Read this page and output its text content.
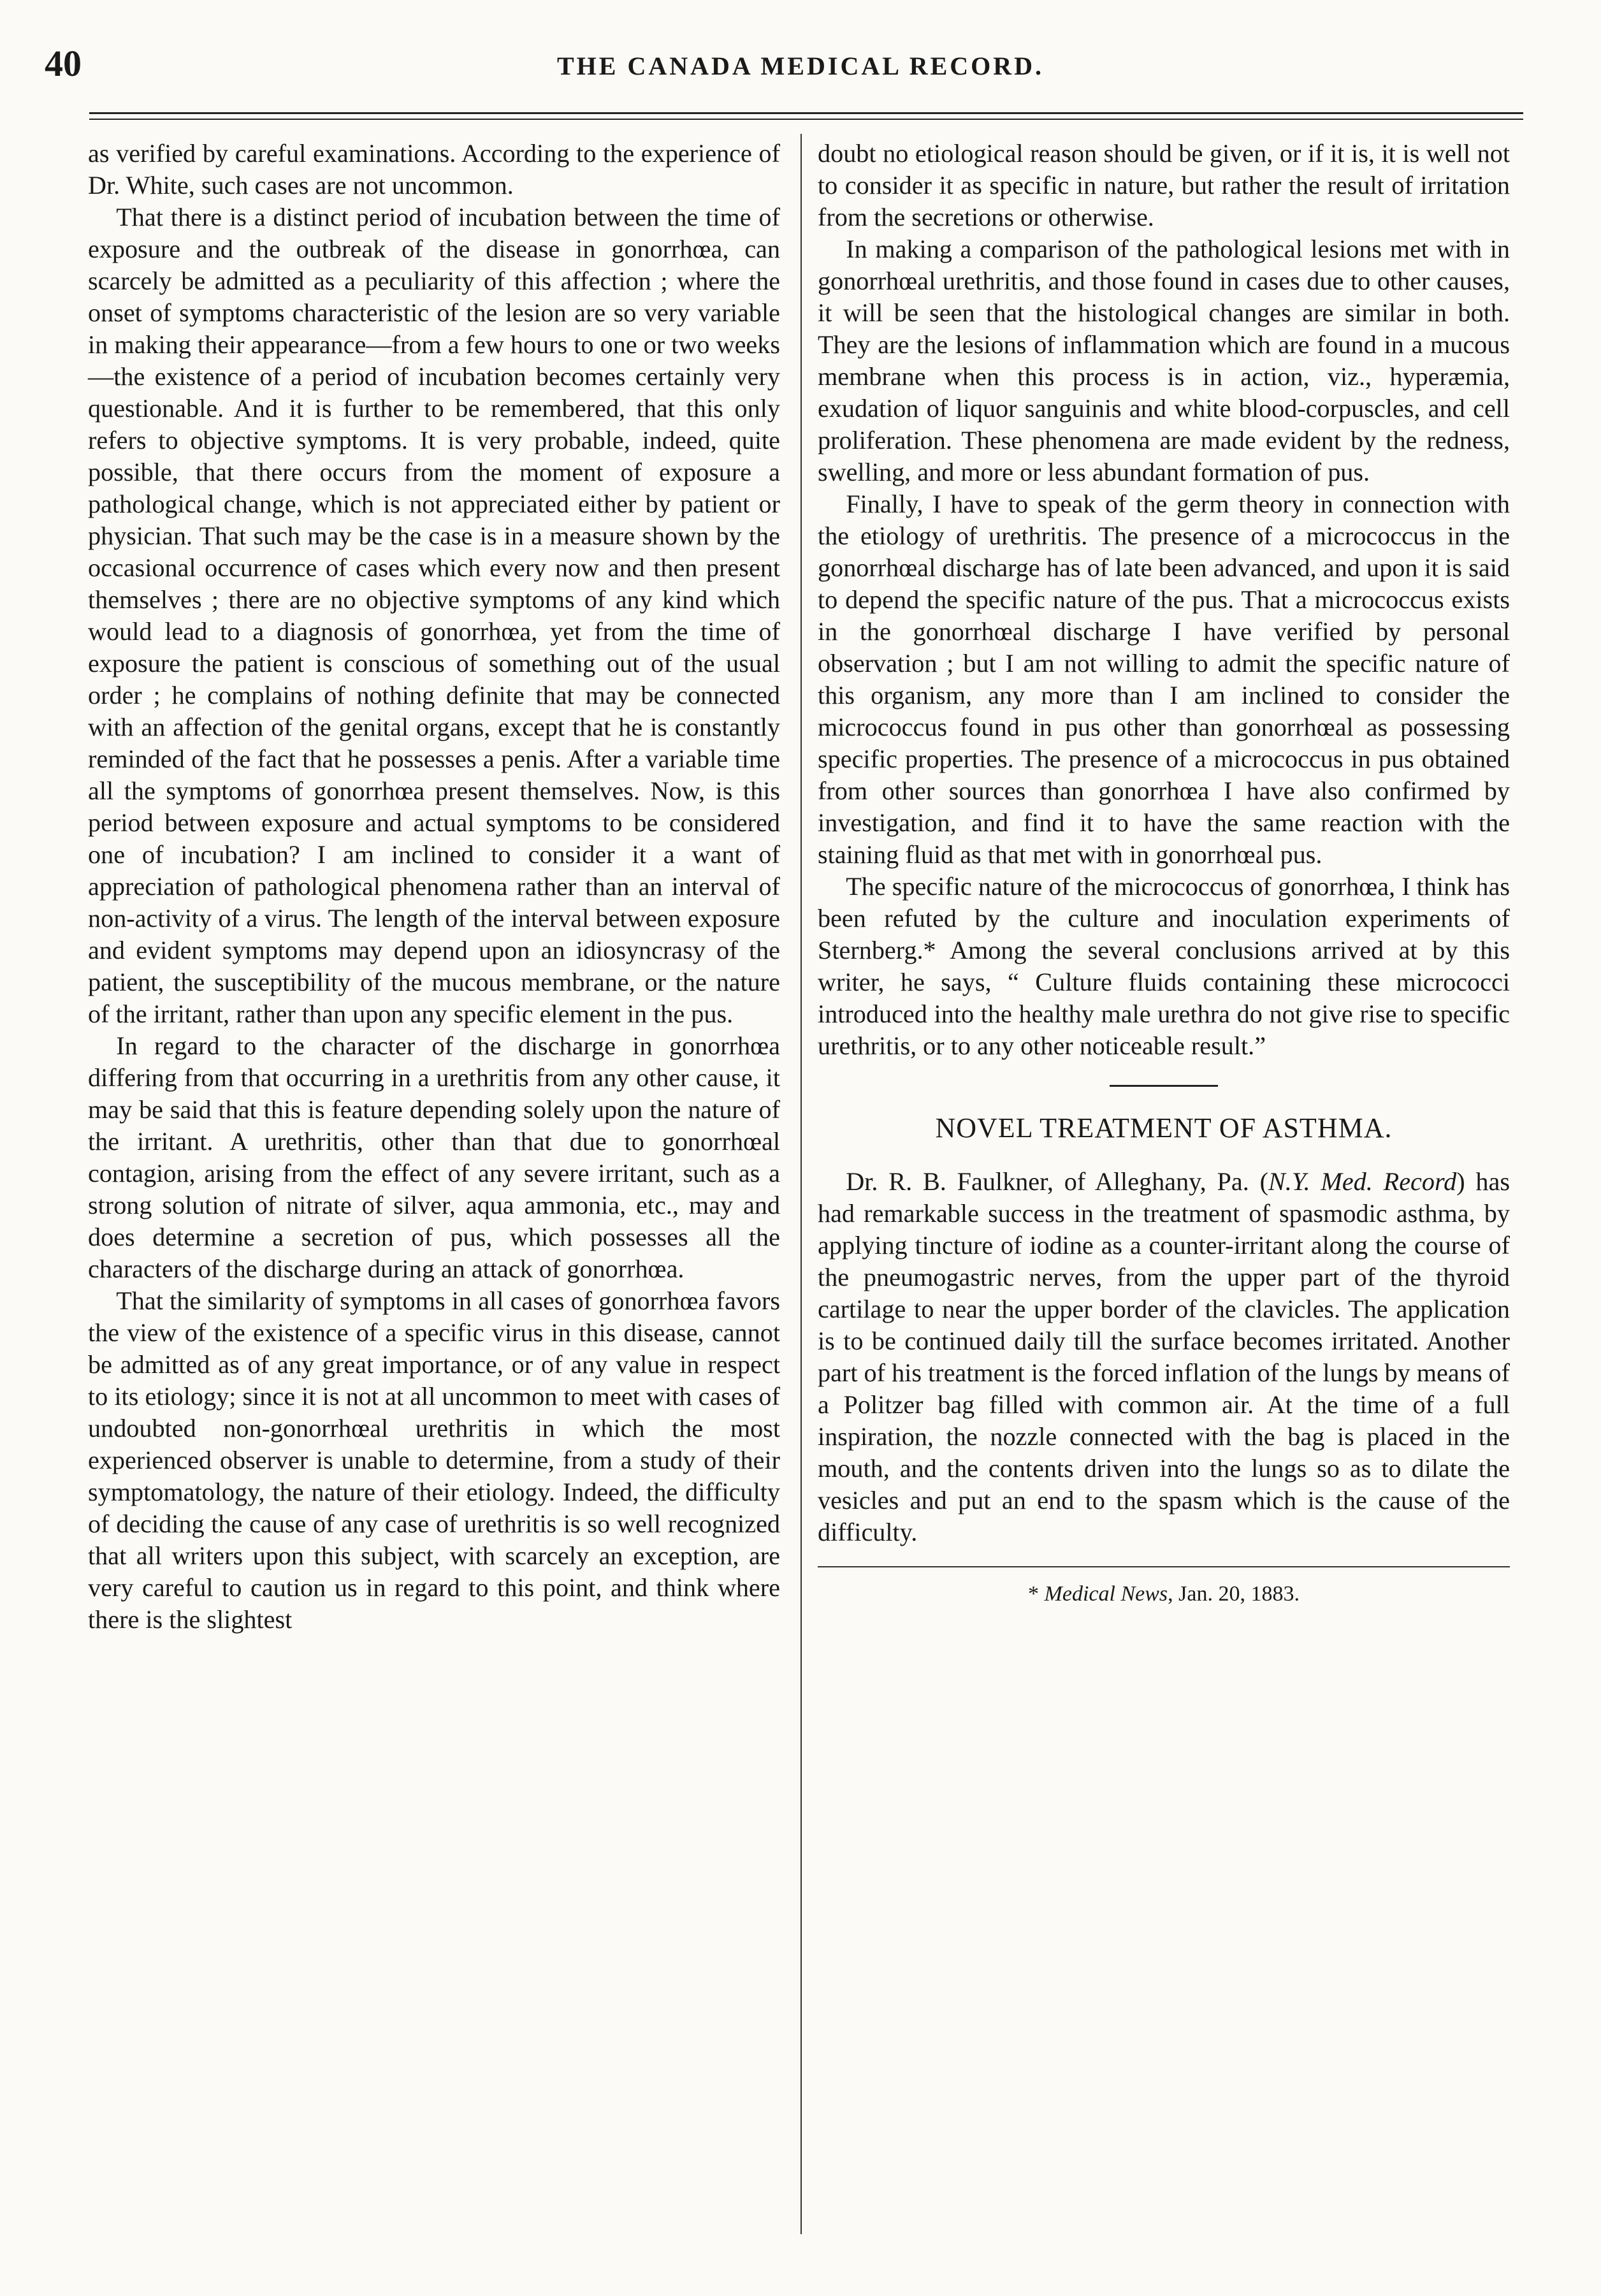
40	THE CANADA MEDICAL RECORD.

as verified by careful examinations. According to the experience of Dr. White, such cases are not uncommon.

That there is a distinct period of incubation between the time of exposure and the outbreak of the disease in gonorrhœa, can scarcely be admitted as a peculiarity of this affection ; where the onset of symptoms characteristic of the lesion are so very variable in making their appearance—from a few hours to one or two weeks—the existence of a period of incubation becomes certainly very questionable. And it is further to be remembered, that this only refers to objective symptoms. It is very probable, indeed, quite possible, that there occurs from the moment of exposure a pathological change, which is not appreciated either by patient or physician. That such may be the case is in a measure shown by the occasional occurrence of cases which every now and then present themselves ; there are no objective symptoms of any kind which would lead to a diagnosis of gonorrhœa, yet from the time of exposure the patient is conscious of something out of the usual order ; he complains of nothing definite that may be connected with an affection of the genital organs, except that he is constantly reminded of the fact that he possesses a penis. After a variable time all the symptoms of gonorrhœa present themselves. Now, is this period between exposure and actual symptoms to be considered one of incubation? I am inclined to consider it a want of appreciation of pathological phenomena rather than an interval of non-activity of a virus. The length of the interval between exposure and evident symptoms may depend upon an idiosyncrasy of the patient, the susceptibility of the mucous membrane, or the nature of the irritant, rather than upon any specific element in the pus.

In regard to the character of the discharge in gonorrhœa differing from that occurring in a urethritis from any other cause, it may be said that this is feature depending solely upon the nature of the irritant. A urethritis, other than that due to gonorrhœal contagion, arising from the effect of any severe irritant, such as a strong solution of nitrate of silver, aqua ammonia, etc., may and does determine a secretion of pus, which possesses all the characters of the discharge during an attack of gonorrhœa.

That the similarity of symptoms in all cases of gonorrhœa favors the view of the existence of a specific virus in this disease, cannot be admitted as of any great importance, or of any value in respect to its etiology; since it is not at all uncommon to meet with cases of undoubted non-gonorrhœal urethritis in which the most experienced observer is unable to determine, from a study of their symptomatology, the nature of their etiology. Indeed, the difficulty of deciding the cause of any case of urethritis is so well recognized that all writers upon this subject, with scarcely an exception, are very careful to caution us in regard to this point, and think where there is the slightest

doubt no etiological reason should be given, or if it is, it is well not to consider it as specific in nature, but rather the result of irritation from the secretions or otherwise.

In making a comparison of the pathological lesions met with in gonorrhœal urethritis, and those found in cases due to other causes, it will be seen that the histological changes are similar in both. They are the lesions of inflammation which are found in a mucous membrane when this process is in action, viz., hyperæmia, exudation of liquor sanguinis and white blood-corpuscles, and cell proliferation. These phenomena are made evident by the redness, swelling, and more or less abundant formation of pus.

Finally, I have to speak of the germ theory in connection with the etiology of urethritis. The presence of a micrococcus in the gonorrhœal discharge has of late been advanced, and upon it is said to depend the specific nature of the pus. That a micrococcus exists in the gonorrhœal discharge I have verified by personal observation ; but I am not willing to admit the specific nature of this organism, any more than I am inclined to consider the micrococcus found in pus other than gonorrhœal as possessing specific properties. The presence of a micrococcus in pus obtained from other sources than gonorrhœa I have also confirmed by investigation, and find it to have the same reaction with the staining fluid as that met with in gonorrhœal pus.

The specific nature of the micrococcus of gonorrhœa, I think has been refuted by the culture and inoculation experiments of Sternberg.* Among the several conclusions arrived at by this writer, he says, “ Culture fluids containing these micrococci introduced into the healthy male urethra do not give rise to specific urethritis, or to any other noticeable result.”

NOVEL TREATMENT OF ASTHMA.

Dr. R. B. Faulkner, of Alleghany, Pa. (N.Y. Med. Record) has had remarkable success in the treatment of spasmodic asthma, by applying tincture of iodine as a counter-irritant along the course of the pneumogastric nerves, from the upper part of the thyroid cartilage to near the upper border of the clavicles. The application is to be continued daily till the surface becomes irritated. Another part of his treatment is the forced inflation of the lungs by means of a Politzer bag filled with common air. At the time of a full inspiration, the nozzle connected with the bag is placed in the mouth, and the contents driven into the lungs so as to dilate the vesicles and put an end to the spasm which is the cause of the difficulty.

* Medical News, Jan. 20, 1883.
